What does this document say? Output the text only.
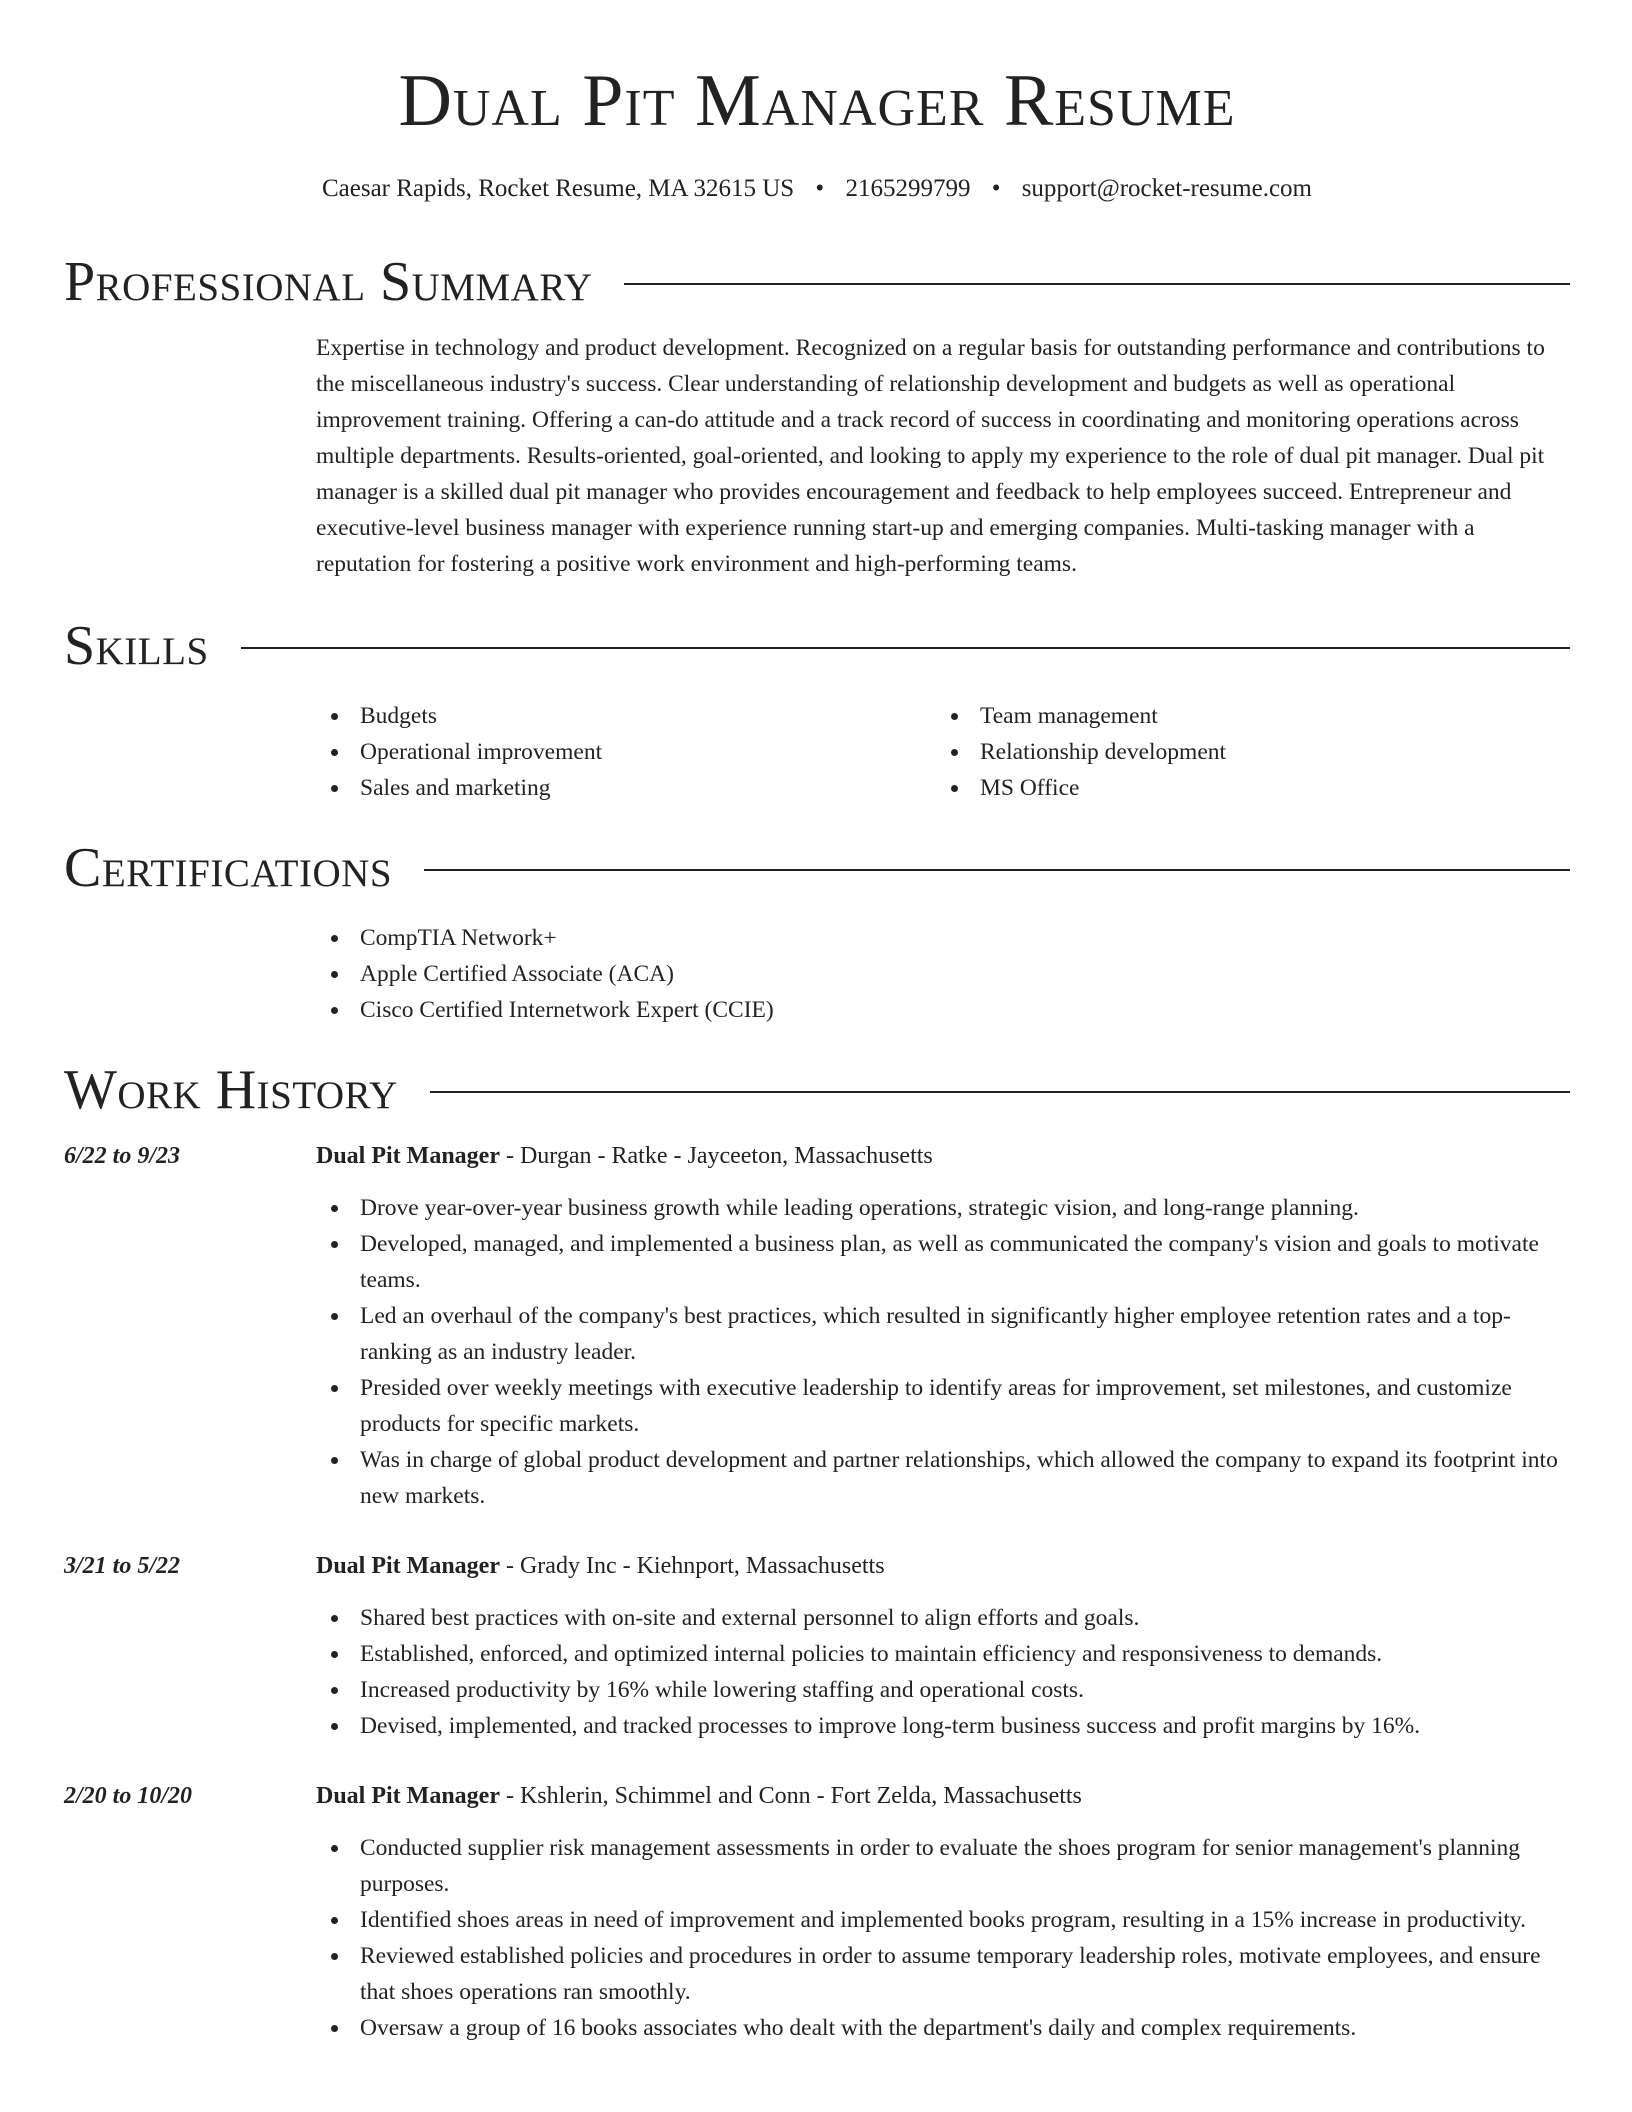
Dual Pit Manager Resume
Caesar Rapids, Rocket Resume, MA 32615 US • 2165299799 • support@rocket-resume.com
Professional Summary

Expertise in technology and product development. Recognized on a regular basis for outstanding performance and contributions to the miscellaneous industry's success. Clear understanding of relationship development and budgets as well as operational improvement training. Offering a can-do attitude and a track record of success in coordinating and monitoring operations across multiple departments. Results-oriented, goal-oriented, and looking to apply my experience to the role of dual pit manager. Dual pit manager is a skilled dual pit manager who provides encouragement and feedback to help employees succeed. Entrepreneur and executive-level business manager with experience running start-up and emerging companies. Multi-tasking manager with a reputation for fostering a positive work environment and high-performing teams.

Skills
Budgets
Operational improvement
Sales and marketing
Team management
Relationship development
MS Office
Certifications
CompTIA Network+
Apple Certified Associate (ACA)
Cisco Certified Internetwork Expert (CCIE)
Work History
6/22 to 9/23	Dual Pit Manager - Durgan - Ratke - Jayceeton, Massachusetts
Drove year-over-year business growth while leading operations, strategic vision, and long-range planning.
Developed, managed, and implemented a business plan, as well as communicated the company's vision and goals to motivate teams.
Led an overhaul of the company's best practices, which resulted in significantly higher employee retention rates and a top-ranking as an industry leader.
Presided over weekly meetings with executive leadership to identify areas for improvement, set milestones, and customize products for specific markets.
Was in charge of global product development and partner relationships, which allowed the company to expand its footprint into new markets.
3/21 to 5/22	Dual Pit Manager - Grady Inc - Kiehnport, Massachusetts
Shared best practices with on-site and external personnel to align efforts and goals.
Established, enforced, and optimized internal policies to maintain efficiency and responsiveness to demands.
Increased productivity by 16% while lowering staffing and operational costs.
Devised, implemented, and tracked processes to improve long-term business success and profit margins by 16%.
2/20 to 10/20	Dual Pit Manager - Kshlerin, Schimmel and Conn - Fort Zelda, Massachusetts
Conducted supplier risk management assessments in order to evaluate the shoes program for senior management's planning purposes.
Identified shoes areas in need of improvement and implemented books program, resulting in a 15% increase in productivity.
Reviewed established policies and procedures in order to assume temporary leadership roles, motivate employees, and ensure that shoes operations ran smoothly.
Oversaw a group of 16 books associates who dealt with the department's daily and complex requirements.
